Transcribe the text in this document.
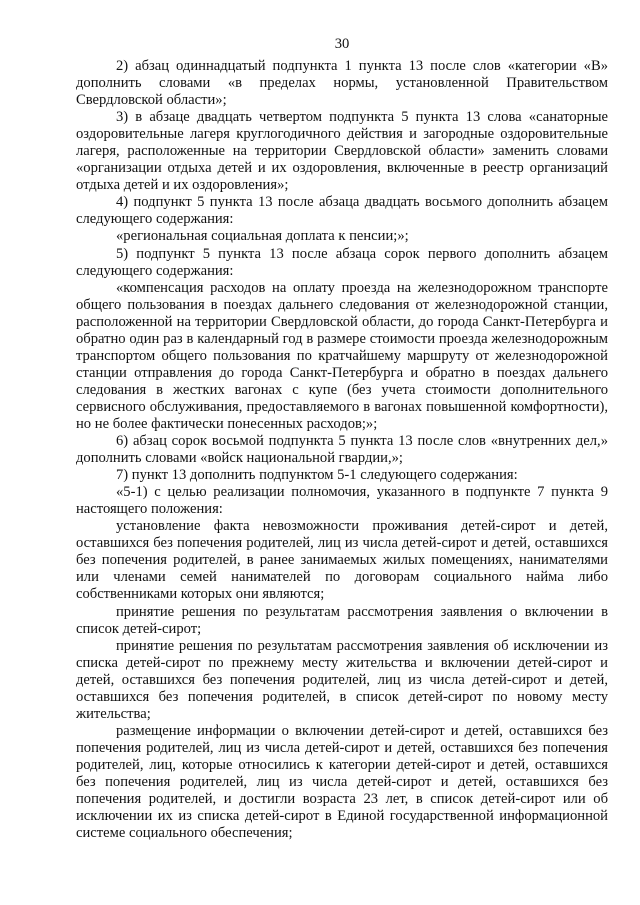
30

2) абзац одиннадцатый подпункта 1 пункта 13 после слов «категории «В» дополнить словами «в пределах нормы, установленной Правительством Свердловской области»;

3) в абзаце двадцать четвертом подпункта 5 пункта 13 слова «санаторные оздоровительные лагеря круглогодичного действия и загородные оздоровительные лагеря, расположенные на территории Свердловской области» заменить словами «организации отдыха детей и их оздоровления, включенные в реестр организаций отдыха детей и их оздоровления»;

4) подпункт 5 пункта 13 после абзаца двадцать восьмого дополнить абзацем следующего содержания:

«региональная социальная доплата к пенсии;»;

5) подпункт 5 пункта 13 после абзаца сорок первого дополнить абзацем следующего содержания:

«компенсация расходов на оплату проезда на железнодорожном транспорте общего пользования в поездах дальнего следования от железнодорожной станции, расположенной на территории Свердловской области, до города Санкт-Петербурга и обратно один раз в календарный год в размере стоимости проезда железнодорожным транспортом общего пользования по кратчайшему маршруту от железнодорожной станции отправления до города Санкт-Петербурга и обратно в поездах дальнего следования в жестких вагонах с купе (без учета стоимости дополнительного сервисного обслуживания, предоставляемого в вагонах повышенной комфортности), но не более фактически понесенных расходов;»;

6) абзац сорок восьмой подпункта 5 пункта 13 после слов «внутренних дел,» дополнить словами «войск национальной гвардии,»;

7) пункт 13 дополнить подпунктом 5-1 следующего содержания:

«5-1) с целью реализации полномочия, указанного в подпункте 7 пункта 9 настоящего положения:

установление факта невозможности проживания детей-сирот и детей, оставшихся без попечения родителей, лиц из числа детей-сирот и детей, оставшихся без попечения родителей, в ранее занимаемых жилых помещениях, нанимателями или членами семей нанимателей по договорам социального найма либо собственниками которых они являются;

принятие решения по результатам рассмотрения заявления о включении в список детей-сирот;

принятие решения по результатам рассмотрения заявления об исключении из списка детей-сирот по прежнему месту жительства и включении детей-сирот и детей, оставшихся без попечения родителей, лиц из числа детей-сирот и детей, оставшихся без попечения родителей, в список детей-сирот по новому месту жительства;

размещение информации о включении детей-сирот и детей, оставшихся без попечения родителей, лиц из числа детей-сирот и детей, оставшихся без попечения родителей, лиц, которые относились к категории детей-сирот и детей, оставшихся без попечения родителей, лиц из числа детей-сирот и детей, оставшихся без попечения родителей, и достигли возраста 23 лет, в список детей-сирот или об исключении их из списка детей-сирот в Единой государственной информационной системе социального обеспечения;
